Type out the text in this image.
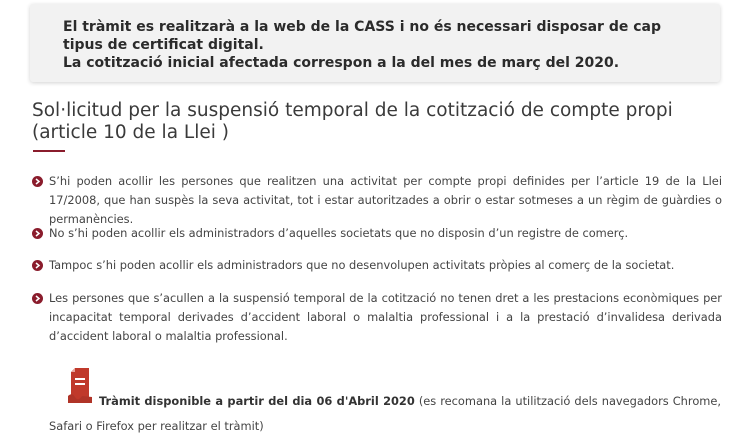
El tràmit es realitzarà a la web de la CASS i no és necessari disposar de cap tipus de certificat digital.

La cotització inicial afectada correspon a la del mes de març del 2020.

Sol·licitud per la suspensió temporal de la cotització de compte propi (article 10 de la Llei )
S’hi poden acollir les persones que realitzen una activitat per compte propi definides per l’article 19 de la Llei 17/2008, que han suspès la seva activitat, tot i estar autoritzades a obrir o estar sotmeses a un règim de guàrdies o permanències.
No s’hi poden acollir els administradors d’aquelles societats que no disposin d’un registre de comerç.
Tampoc s’hi poden acollir els administradors que no desenvolupen activitats pròpies al comerç de la societat.
Les persones que s’acullen a la suspensió temporal de la cotització no tenen dret a les prestacions econòmiques per incapacitat temporal derivades d’accident laboral o malaltia professional i a la prestació d’invalidesa derivada d’accident laboral o malaltia professional.

Tràmit disponible a partir del dia 06 d'Abril 2020 (es recomana la utilització dels navegadors Chrome, Safari o Firefox per realitzar el tràmit)
